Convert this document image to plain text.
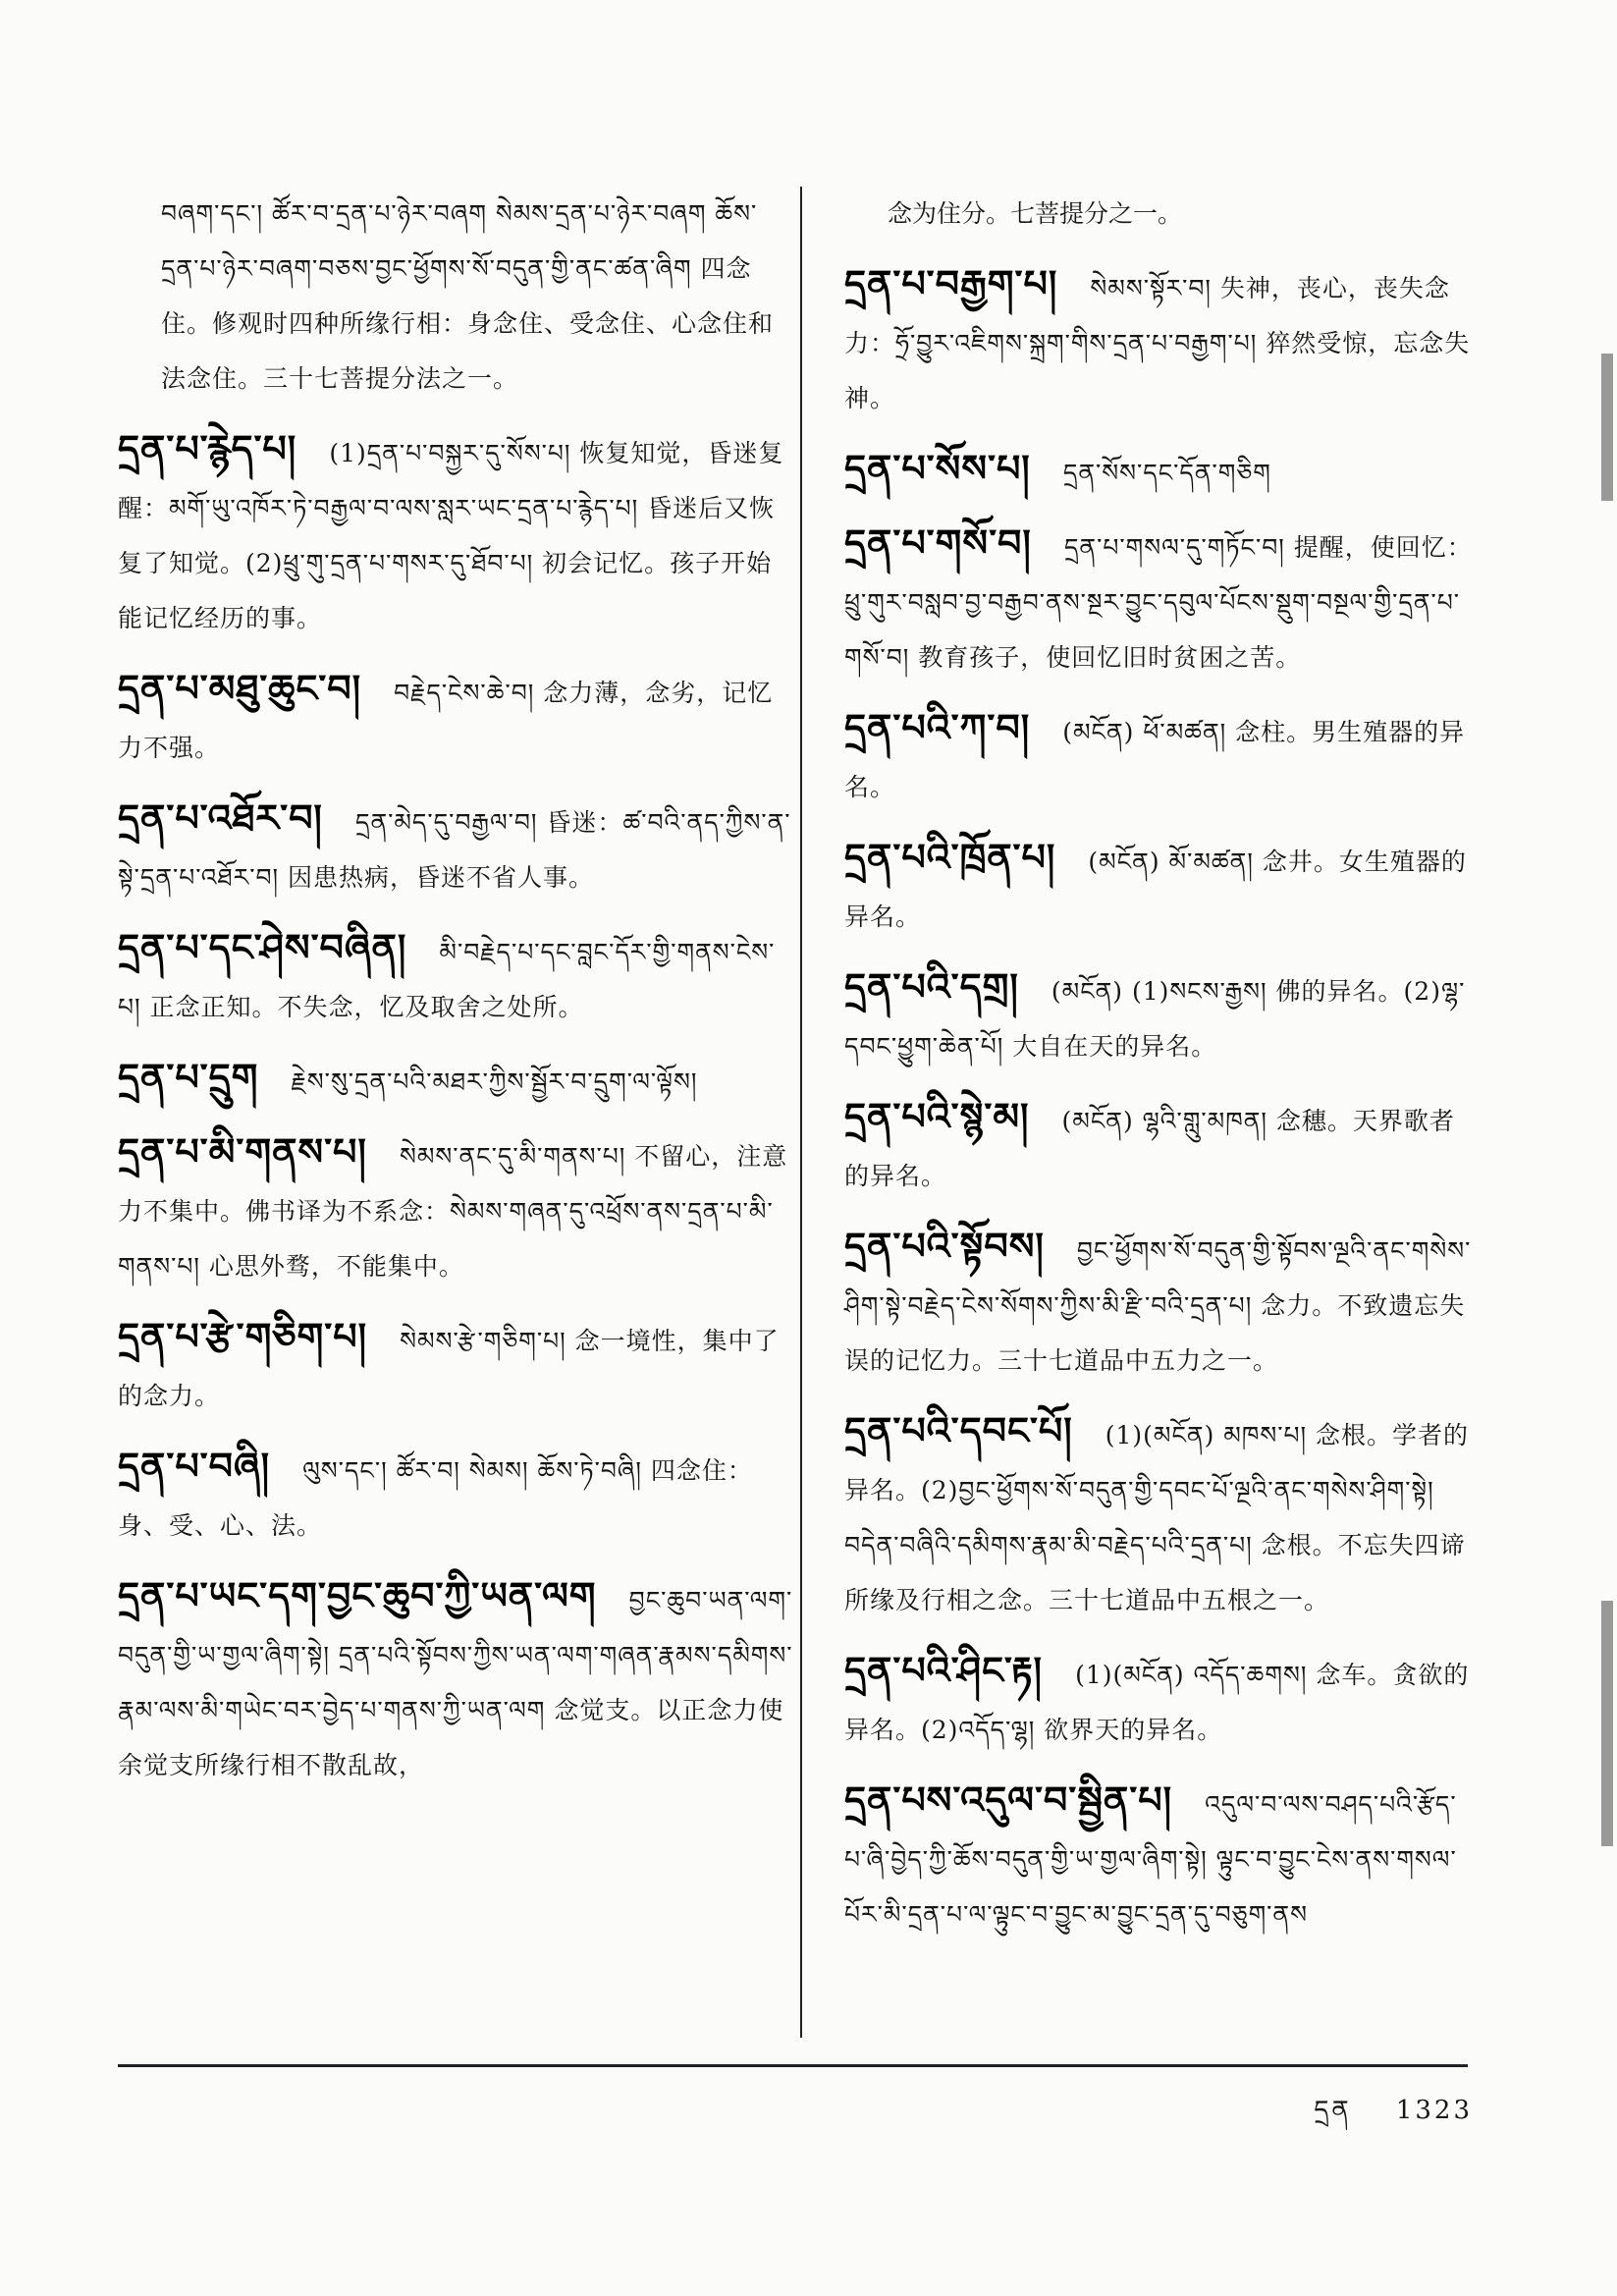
བཞག་དང་། ཚོར་བ་དྲན་པ་ཉེར་བཞག སེམས་དྲན་པ་ཉེར་བཞག ཆོས་དྲན་པ་ཉེར་བཞག་བཅས་བྱང་ཕྱོགས་སོ་བདུན་གྱི་ནང་ཚན་ཞིག 四念住。修观时四种所缘行相：身念住、受念住、心念住和法念住。三十七菩提分法之一。
དྲན་པ་རྙེད་པ། (1)དྲན་པ་བསྐྱར་དུ་སོས་པ། 恢复知觉，昏迷复醒：མགོ་ཡུ་འཁོར་ཏེ་བརྒྱལ་བ་ལས་སླར་ཡང་དྲན་པ་རྙེད་པ། 昏迷后又恢复了知觉。(2)ཕྲུ་གུ་དྲན་པ་གསར་དུ་ཐོབ་པ། 初会记忆。孩子开始能记忆经历的事。
དྲན་པ་མཐུ་ཆུང་བ། བརྗེད་ངེས་ཆེ་བ། 念力薄，念劣，记忆力不强。
དྲན་པ་འཐོར་བ། དྲན་མེད་དུ་བརྒྱལ་བ། 昏迷：ཚ་བའི་ནད་ཀྱིས་ན་སྟེ་དྲན་པ་འཐོར་བ། 因患热病，昏迷不省人事。
དྲན་པ་དང་ཤེས་བཞིན། མི་བརྗེད་པ་དང་བླང་དོར་གྱི་གནས་ངེས་པ། 正念正知。不失念，忆及取舍之处所。
དྲན་པ་དྲུག རྗེས་སུ་དྲན་པའི་མཐར་ཀྱིས་སྦྱོར་བ་དྲུག་ལ་ལྟོས།
དྲན་པ་མི་གནས་པ། སེམས་ནང་དུ་མི་གནས་པ། 不留心，注意力不集中。佛书译为不系念：སེམས་གཞན་དུ་འཕྲོས་ནས་དྲན་པ་མི་གནས་པ། 心思外骛，不能集中。
དྲན་པ་རྩེ་གཅིག་པ། སེམས་རྩེ་གཅིག་པ། 念一境性，集中了的念力。
དྲན་པ་བཞི། ལུས་དང་། ཚོར་བ། སེམས། ཆོས་ཏེ་བཞི། 四念住：身、受、心、法。
དྲན་པ་ཡང་དག་བྱང་ཆུབ་ཀྱི་ཡན་ལག བྱང་ཆུབ་ཡན་ལག་བདུན་གྱི་ཡ་གྱལ་ཞིག་སྟེ། དྲན་པའི་སྟོབས་ཀྱིས་ཡན་ལག་གཞན་རྣམས་དམིགས་རྣམ་ལས་མི་གཡེང་བར་བྱེད་པ་གནས་ཀྱི་ཡན་ལག 念觉支。以正念力使余觉支所缘行相不散乱故，
念为住分。七菩提分之一。
དྲན་པ་བརྒྱག་པ། སེམས་སྟོར་བ། 失神，丧心，丧失念力：ཧྲོ་བྱུར་འཇིགས་སྐྲག་གིས་དྲན་པ་བརྒྱག་པ། 猝然受惊，忘念失神。
དྲན་པ་སོས་པ། དྲན་སོས་དང་དོན་གཅིག
དྲན་པ་གསོ་བ། དྲན་པ་གསལ་དུ་གཏོང་བ། 提醒，使回忆：ཕྲུ་གུར་བསླབ་བྱ་བརྒྱབ་ནས་སྔར་བྱུང་དབུལ་པོངས་སྡུག་བསྔལ་གྱི་དྲན་པ་གསོ་བ། 教育孩子，使回忆旧时贫困之苦。
དྲན་པའི་ཀ་བ། (མངོན) ཕོ་མཚན། 念柱。男生殖器的异名。
དྲན་པའི་ཁྲོན་པ། (མངོན) མོ་མཚན། 念井。女生殖器的异名。
དྲན་པའི་དགྲ། (མངོན) (1)སངས་རྒྱས། 佛的异名。(2)ལྷ་དབང་ཕྱུག་ཆེན་པོ། 大自在天的异名。
དྲན་པའི་སྙེ་མ། (མངོན) ལྷའི་གླུ་མཁན། 念穗。天界歌者的异名。
དྲན་པའི་སྟོབས། བྱང་ཕྱོགས་སོ་བདུན་གྱི་སྟོབས་ལྔའི་ནང་གསེས་ཤིག་སྟེ་བརྗེད་ངེས་སོགས་ཀྱིས་མི་རྫི་བའི་དྲན་པ། 念力。不致遗忘失误的记忆力。三十七道品中五力之一。
དྲན་པའི་དབང་པོ། (1)(མངོན) མཁས་པ། 念根。学者的异名。(2)བྱང་ཕྱོགས་སོ་བདུན་གྱི་དབང་པོ་ལྔའི་ནང་གསེས་ཤིག་སྟེ། བདེན་བཞིའི་དམིགས་རྣམ་མི་བརྗེད་པའི་དྲན་པ། 念根。不忘失四谛所缘及行相之念。三十七道品中五根之一。
དྲན་པའི་ཤིང་རྟ། (1)(མངོན) འདོད་ཆགས། 念车。贪欲的异名。(2)འདོད་ལྷ། 欲界天的异名。
དྲན་པས་འདུལ་བ་སྦྱིན་པ། འདུལ་བ་ལས་བཤད་པའི་རྩོད་པ་ཞི་བྱེད་ཀྱི་ཆོས་བདུན་གྱི་ཡ་གྱལ་ཞིག་སྟེ། ལྟུང་བ་བྱུང་ངེས་ནས་གསལ་པོར་མི་དྲན་པ་ལ་ལྟུང་བ་བྱུང་མ་བྱུང་དྲན་དུ་བཅུག་ནས
དྲན 1323
